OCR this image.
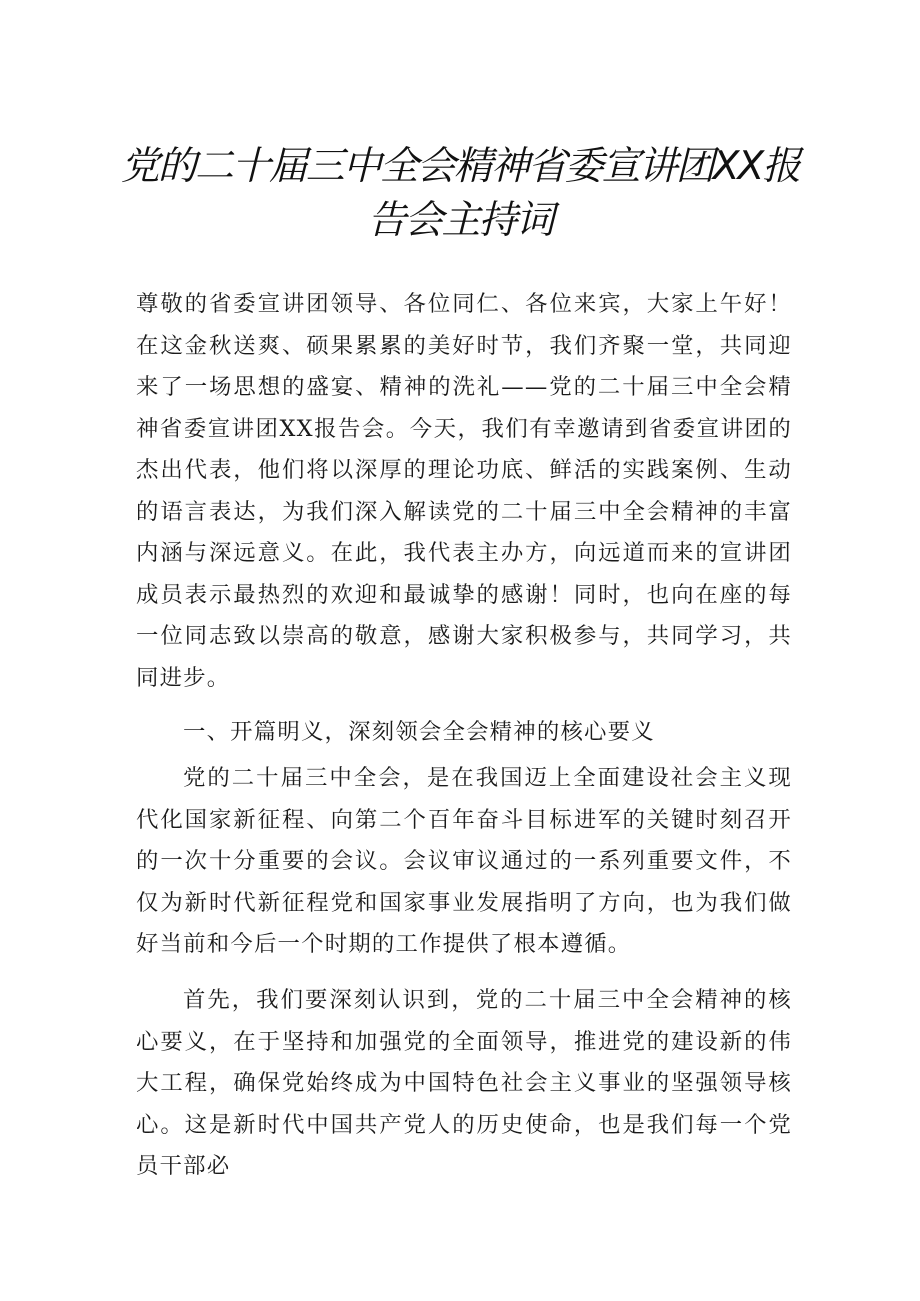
党的二十届三中全会精神省委宣讲团XX报
告会主持词

尊敬的省委宣讲团领导、各位同仁、各位来宾，大家上午好！在这金秋送爽、硕果累累的美好时节，我们齐聚一堂，共同迎来了一场思想的盛宴、精神的洗礼——党的二十届三中全会精神省委宣讲团XX报告会。今天，我们有幸邀请到省委宣讲团的杰出代表，他们将以深厚的理论功底、鲜活的实践案例、生动的语言表达，为我们深入解读党的二十届三中全会精神的丰富内涵与深远意义。在此，我代表主办方，向远道而来的宣讲团成员表示最热烈的欢迎和最诚挚的感谢！同时，也向在座的每一位同志致以崇高的敬意，感谢大家积极参与，共同学习，共同进步。

一、开篇明义，深刻领会全会精神的核心要义

党的二十届三中全会，是在我国迈上全面建设社会主义现代化国家新征程、向第二个百年奋斗目标进军的关键时刻召开的一次十分重要的会议。会议审议通过的一系列重要文件，不仅为新时代新征程党和国家事业发展指明了方向，也为我们做好当前和今后一个时期的工作提供了根本遵循。

首先，我们要深刻认识到，党的二十届三中全会精神的核心要义，在于坚持和加强党的全面领导，推进党的建设新的伟大工程，确保党始终成为中国特色社会主义事业的坚强领导核心。这是新时代中国共产党人的历史使命，也是我们每一个党员干部必
